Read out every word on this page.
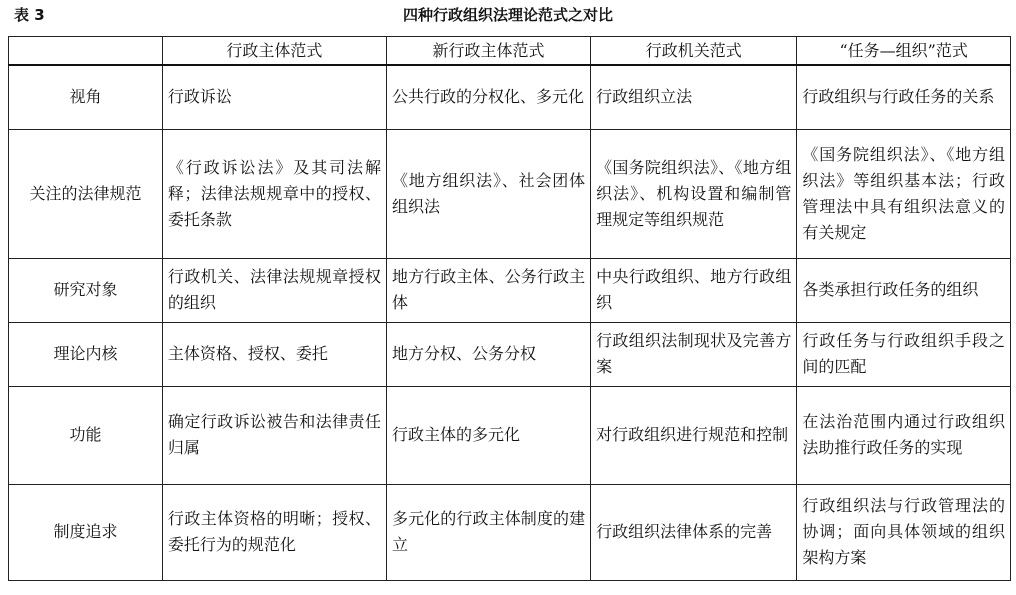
表 3	四种行政组织法理论范式之对比
	行政主体范式	新行政主体范式	行政机关范式	“任务—组织”范式
视角	行政诉讼	公共行政的分权化、多元化	行政组织立法	行政组织与行政任务的关系
关注的法律规范	《行政诉讼法》及其司法解释；法律法规规章中的授权、委托条款	《地方组织法》、社会团体组织法	《国务院组织法》、《地方组织法》、机构设置和编制管理规定等组织规范	《国务院组织法》、《地方组织法》等组织基本法；行政管理法中具有组织法意义的有关规定
研究对象	行政机关、法律法规规章授权的组织	地方行政主体、公务行政主体	中央行政组织、地方行政组织	各类承担行政任务的组织
理论内核	主体资格、授权、委托	地方分权、公务分权	行政组织法制现状及完善方案	行政任务与行政组织手段之间的匹配
功能	确定行政诉讼被告和法律责任归属	行政主体的多元化	对行政组织进行规范和控制	在法治范围内通过行政组织法助推行政任务的实现
制度追求	行政主体资格的明晰；授权、委托行为的规范化	多元化的行政主体制度的建立	行政组织法律体系的完善	行政组织法与行政管理法的协调；面向具体领域的组织架构方案
